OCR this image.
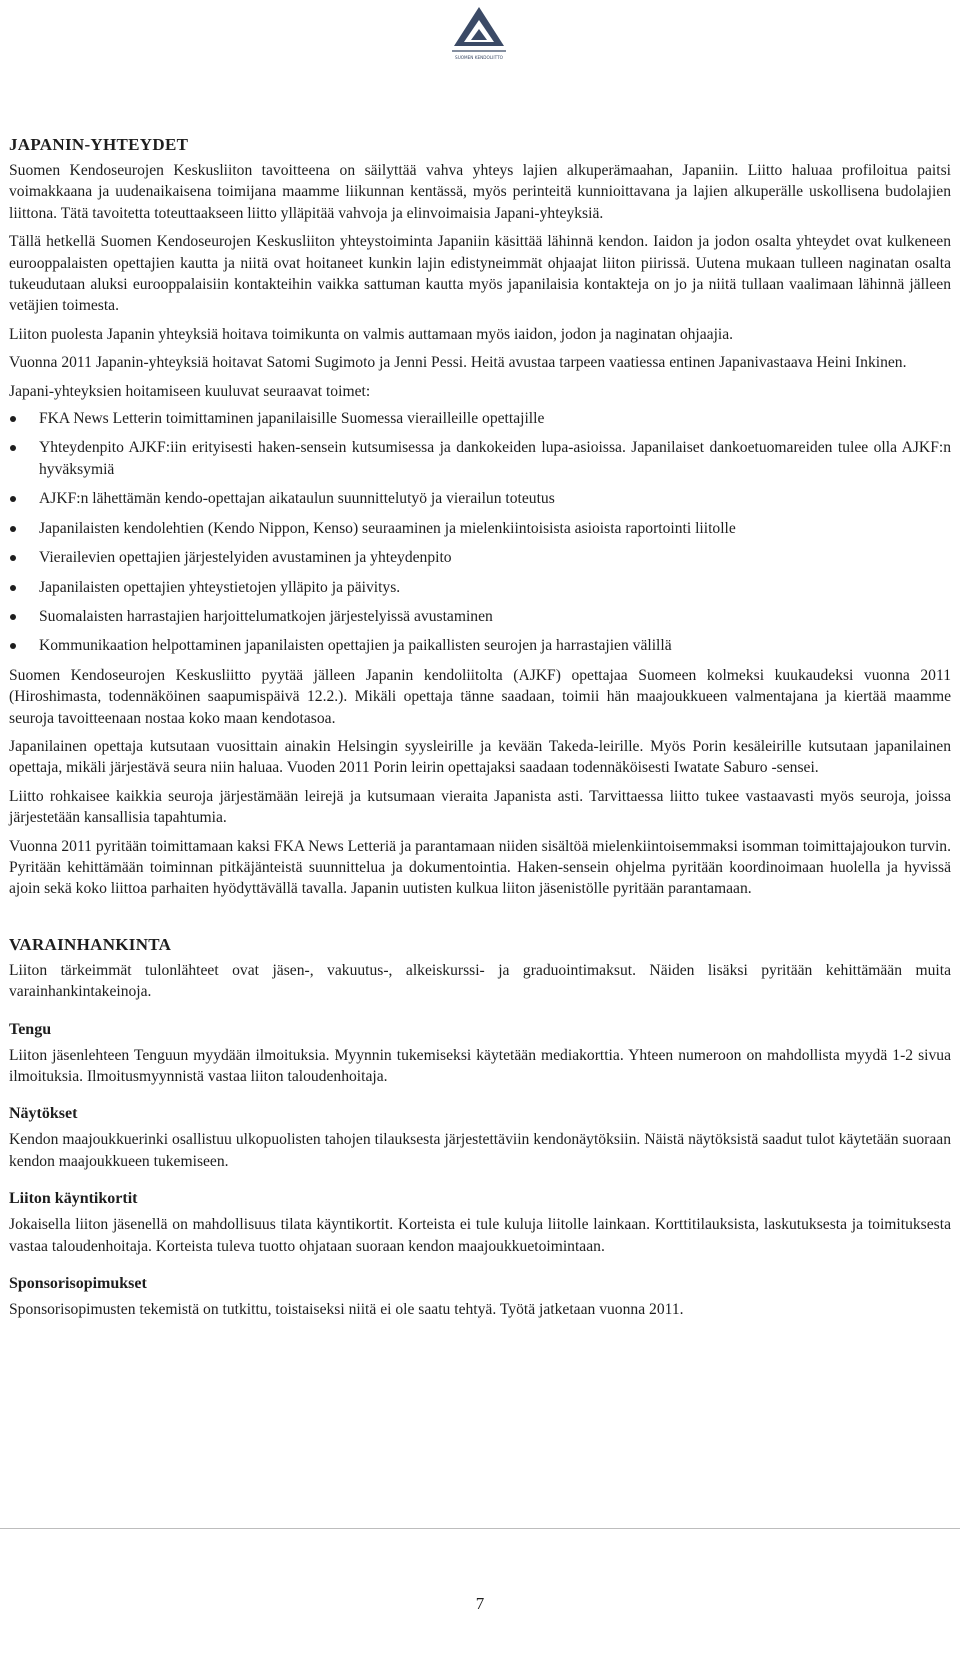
SUOMEN KENDOLIITTO
JAPANIN-YHTEYDET

Suomen Kendoseurojen Keskusliiton tavoitteena on säilyttää vahva yhteys lajien alkuperämaahan, Japaniin. Liitto haluaa profiloitua paitsi voimakkaana ja uudenaikaisena toimijana maamme liikunnan kentässä, myös perinteitä kunnioittavana ja lajien alkuperälle uskollisena budolajien liittona. Tätä tavoitetta toteuttaakseen liitto ylläpitää vahvoja ja elinvoimaisia Japani-yhteyksiä.

Tällä hetkellä Suomen Kendoseurojen Keskusliiton yhteystoiminta Japaniin käsittää lähinnä kendon. Iaidon ja jodon osalta yhteydet ovat kulkeneen eurooppalaisten opettajien kautta ja niitä ovat hoitaneet kunkin lajin edistyneimmät ohjaajat liiton piirissä. Uutena mukaan tulleen naginatan osalta tukeudutaan aluksi eurooppalaisiin kontakteihin vaikka sattuman kautta myös japanilaisia kontakteja on jo ja niitä tullaan vaalimaan lähinnä jälleen vetäjien toimesta.

Liiton puolesta Japanin yhteyksiä hoitava toimikunta on valmis auttamaan myös iaidon, jodon ja naginatan ohjaajia.

Vuonna 2011 Japanin-yhteyksiä hoitavat Satomi Sugimoto ja Jenni Pessi. Heitä avustaa tarpeen vaatiessa entinen Japanivastaava Heini Inkinen.

Japani-yhteyksien hoitamiseen kuuluvat seuraavat toimet:

FKA News Letterin toimittaminen japanilaisille Suomessa vierailleille opettajille
Yhteydenpito AJKF:iin erityisesti haken-sensein kutsumisessa ja dankokeiden lupa-asioissa. Japanilaiset dankoetuomareiden tulee olla AJKF:n hyväksymiä
AJKF:n lähettämän kendo-opettajan aikataulun suunnittelutyö ja vierailun toteutus
Japanilaisten kendolehtien (Kendo Nippon, Kenso) seuraaminen ja mielenkiintoisista asioista raportointi liitolle
Vierailevien opettajien järjestelyiden avustaminen ja yhteydenpito
Japanilaisten opettajien yhteystietojen ylläpito ja päivitys.
Suomalaisten harrastajien harjoittelumatkojen järjestelyissä avustaminen
Kommunikaation helpottaminen japanilaisten opettajien ja paikallisten seurojen ja harrastajien välillä

Suomen Kendoseurojen Keskusliitto pyytää jälleen Japanin kendoliitolta (AJKF) opettajaa Suomeen kolmeksi kuukaudeksi vuonna 2011 (Hiroshimasta, todennäköinen saapumispäivä 12.2.). Mikäli opettaja tänne saadaan, toimii hän maajoukkueen valmentajana ja kiertää maamme seuroja tavoitteenaan nostaa koko maan kendotasoa.

Japanilainen opettaja kutsutaan vuosittain ainakin Helsingin syysleirille ja kevään Takeda-leirille. Myös Porin kesäleirille kutsutaan japanilainen opettaja, mikäli järjestävä seura niin haluaa. Vuoden 2011 Porin leirin opettajaksi saadaan todennäköisesti Iwatate Saburo -sensei.

Liitto rohkaisee kaikkia seuroja järjestämään leirejä ja kutsumaan vieraita Japanista asti. Tarvittaessa liitto tukee vastaavasti myös seuroja, joissa järjestetään kansallisia tapahtumia.

Vuonna 2011 pyritään toimittamaan kaksi FKA News Letteriä ja parantamaan niiden sisältöä mielenkiintoisemmaksi isomman toimittajajoukon turvin. Pyritään kehittämään toiminnan pitkäjänteistä suunnittelua ja dokumentointia. Haken-sensein ohjelma pyritään koordinoimaan huolella ja hyvissä ajoin sekä koko liittoa parhaiten hyödyttävällä tavalla. Japanin uutisten kulkua liiton jäsenistölle pyritään parantamaan.

VARAINHANKINTA

Liiton tärkeimmät tulonlähteet ovat jäsen-, vakuutus-, alkeiskurssi- ja graduointimaksut. Näiden lisäksi pyritään kehittämään muita varainhankintakeinoja.

Tengu

Liiton jäsenlehteen Tenguun myydään ilmoituksia. Myynnin tukemiseksi käytetään mediakorttia. Yhteen numeroon on mahdollista myydä 1-2 sivua ilmoituksia. Ilmoitusmyynnistä vastaa liiton taloudenhoitaja.

Näytökset

Kendon maajoukkuerinki osallistuu ulkopuolisten tahojen tilauksesta järjestettäviin kendonäytöksiin. Näistä näytöksistä saadut tulot käytetään suoraan kendon maajoukkueen tukemiseen.

Liiton käyntikortit

Jokaisella liiton jäsenellä on mahdollisuus tilata käyntikortit. Korteista ei tule kuluja liitolle lainkaan. Korttitilauksista, laskutuksesta ja toimituksesta vastaa taloudenhoitaja. Korteista tuleva tuotto ohjataan suoraan kendon maajoukkuetoimintaan.

Sponsorisopimukset

Sponsorisopimusten tekemistä on tutkittu, toistaiseksi niitä ei ole saatu tehtyä. Työtä jatketaan vuonna 2011.

7
